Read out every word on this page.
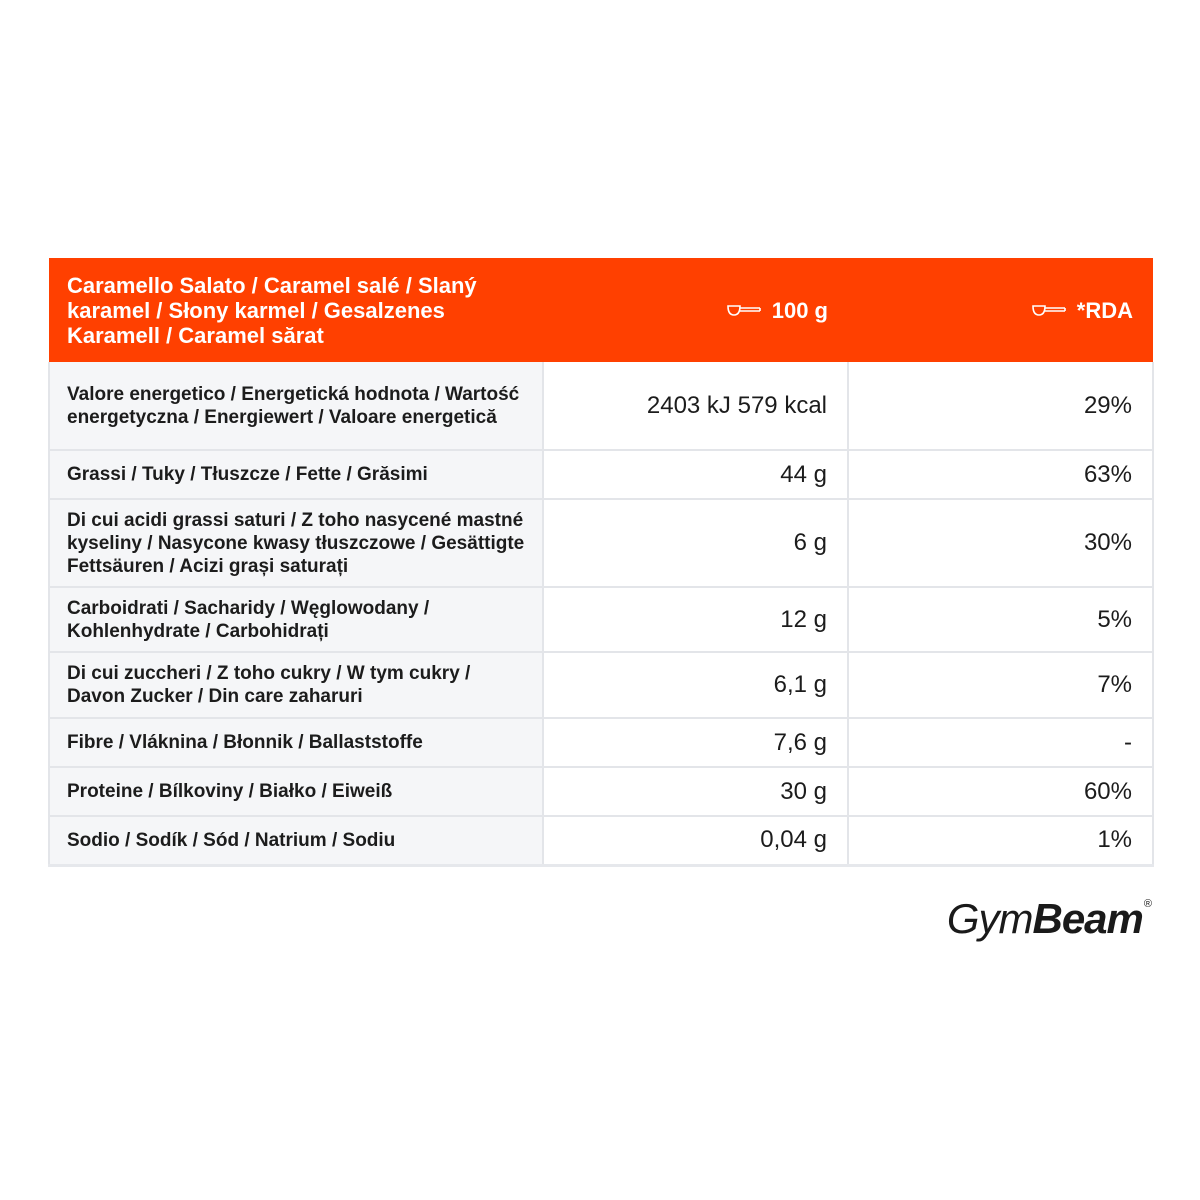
Caramello Salato / Caramel salé / Slaný karamel / Słony karmel / Gesalzenes Karamell / Caramel sărat	100 g	*RDA

Valore energetico / Energetická hodnota / Wartość energetyczna / Energiewert / Valoare energetică	2403 kJ 579 kcal	29%
Grassi / Tuky / Tłuszcze / Fette / Grăsimi	44 g	63%
Di cui acidi grassi saturi / Z toho nasycené mastné kyseliny / Nasycone kwasy tłuszczowe / Gesättigte Fettsäuren / Acizi grași saturați	6 g	30%
Carboidrati / Sacharidy / Węglowodany / Kohlenhydrate / Carbohidrați	12 g	5%
Di cui zuccheri / Z toho cukry / W tym cukry / Davon Zucker / Din care zaharuri	6,1 g	7%
Fibre / Vláknina / Błonnik / Ballaststoffe	7,6 g	-
Proteine / Bílkoviny / Białko / Eiweiß	30 g	60%
Sodio / Sodík / Sód / Natrium / Sodiu	0,04 g	1%
Gym Beam ®
